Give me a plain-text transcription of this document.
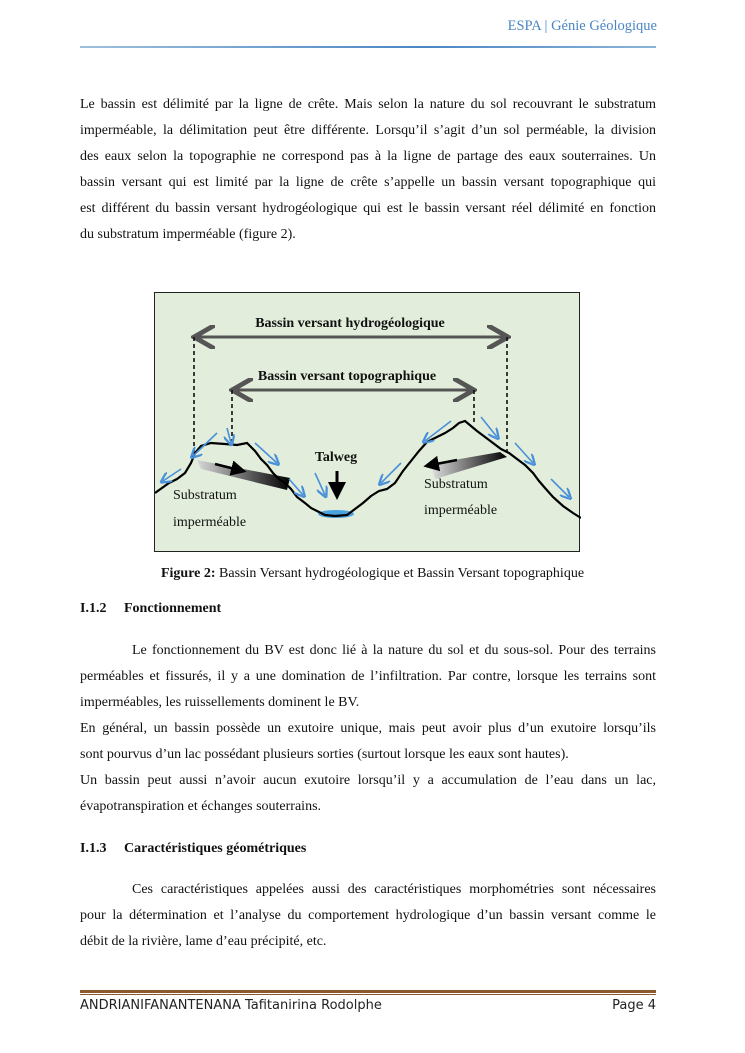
ESPA | Génie Géologique
Le bassin est délimité par la ligne de crête. Mais selon la nature du sol recouvrant le substratum
imperméable, la délimitation peut être différente. Lorsqu’il s’agit d’un sol perméable, la division
des eaux selon la topographie ne correspond pas à la ligne de partage des eaux souterraines. Un
bassin versant qui est limité par la ligne de crête s’appelle un bassin versant topographique qui
est différent du bassin versant hydrogéologique qui est le bassin versant réel délimité en fonction
du substratum imperméable (figure 2).
Bassin versant hydrogéologique
Bassin versant topographique
Talweg
Substratum
imperméable
Substratum
imperméable
Figure 2: Bassin Versant hydrogéologique et Bassin Versant topographique
I.1.2 Fonctionnement
Le fonctionnement du BV est donc lié à la nature du sol et du sous-sol. Pour des terrains
perméables et fissurés, il y a une domination de l’infiltration. Par contre, lorsque les terrains sont
imperméables, les ruissellements dominent le BV.
En général, un bassin possède un exutoire unique, mais peut avoir plus d’un exutoire lorsqu’ils
sont pourvus d’un lac possédant plusieurs sorties (surtout lorsque les eaux sont hautes).
Un bassin peut aussi n’avoir aucun exutoire lorsqu’il y a accumulation de l’eau dans un lac,
évapotranspiration et échanges souterrains.
I.1.3 Caractéristiques géométriques
Ces caractéristiques appelées aussi des caractéristiques morphométries sont nécessaires
pour la détermination et l’analyse du comportement hydrologique d’un bassin versant comme le
débit de la rivière, lame d’eau précipité, etc.
ANDRIANIFANANTENANA Tafitanirina Rodolphe	Page 4
